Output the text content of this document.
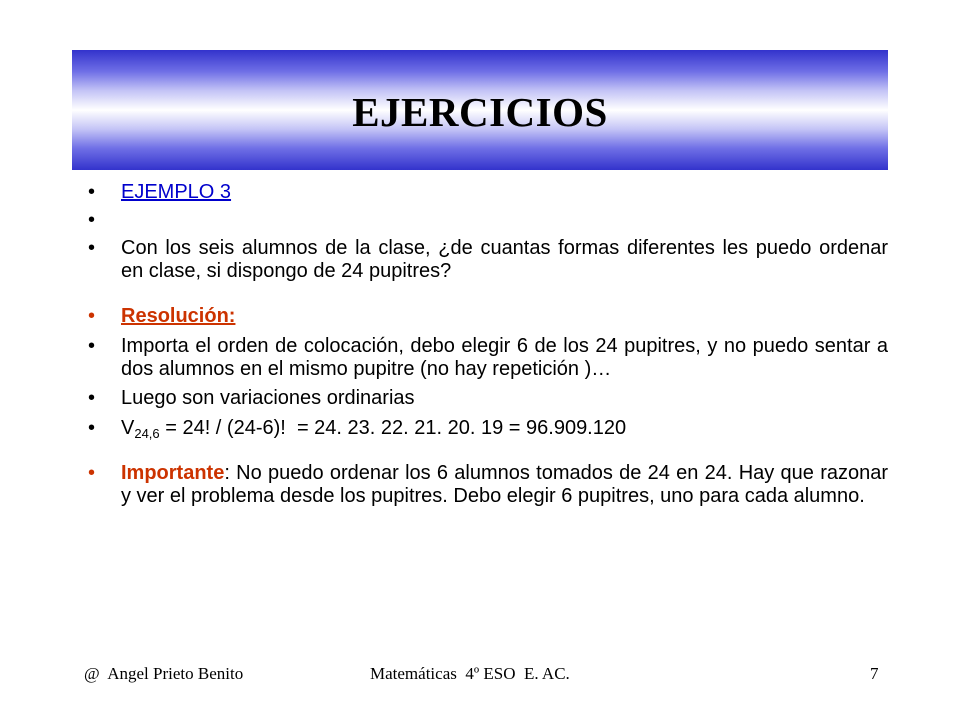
EJERCICIOS
• EJEMPLO 3
•
• Con los seis alumnos de la clase, ¿de cuantas formas diferentes les puedo ordenar en clase, si dispongo de 24 pupitres?
• Resolución:
• Importa el orden de colocación, debo elegir 6 de los 24 pupitres, y no puedo sentar a dos alumnos en el mismo pupitre (no hay repetición )…
• Luego son variaciones ordinarias
• $V_{24,6} = 24$! / (24-6)!  = 24. 23. 22. 21. 20. 19 = 96.909.120
• Importante: No puedo ordenar los 6 alumnos tomados de 24 en 24. Hay que razonar y ver el problema desde los pupitres. Debo elegir 6 pupitres, uno para cada alumno.
@  Angel Prieto Benito	Matemáticas  4º ESO  E. AC.	7
